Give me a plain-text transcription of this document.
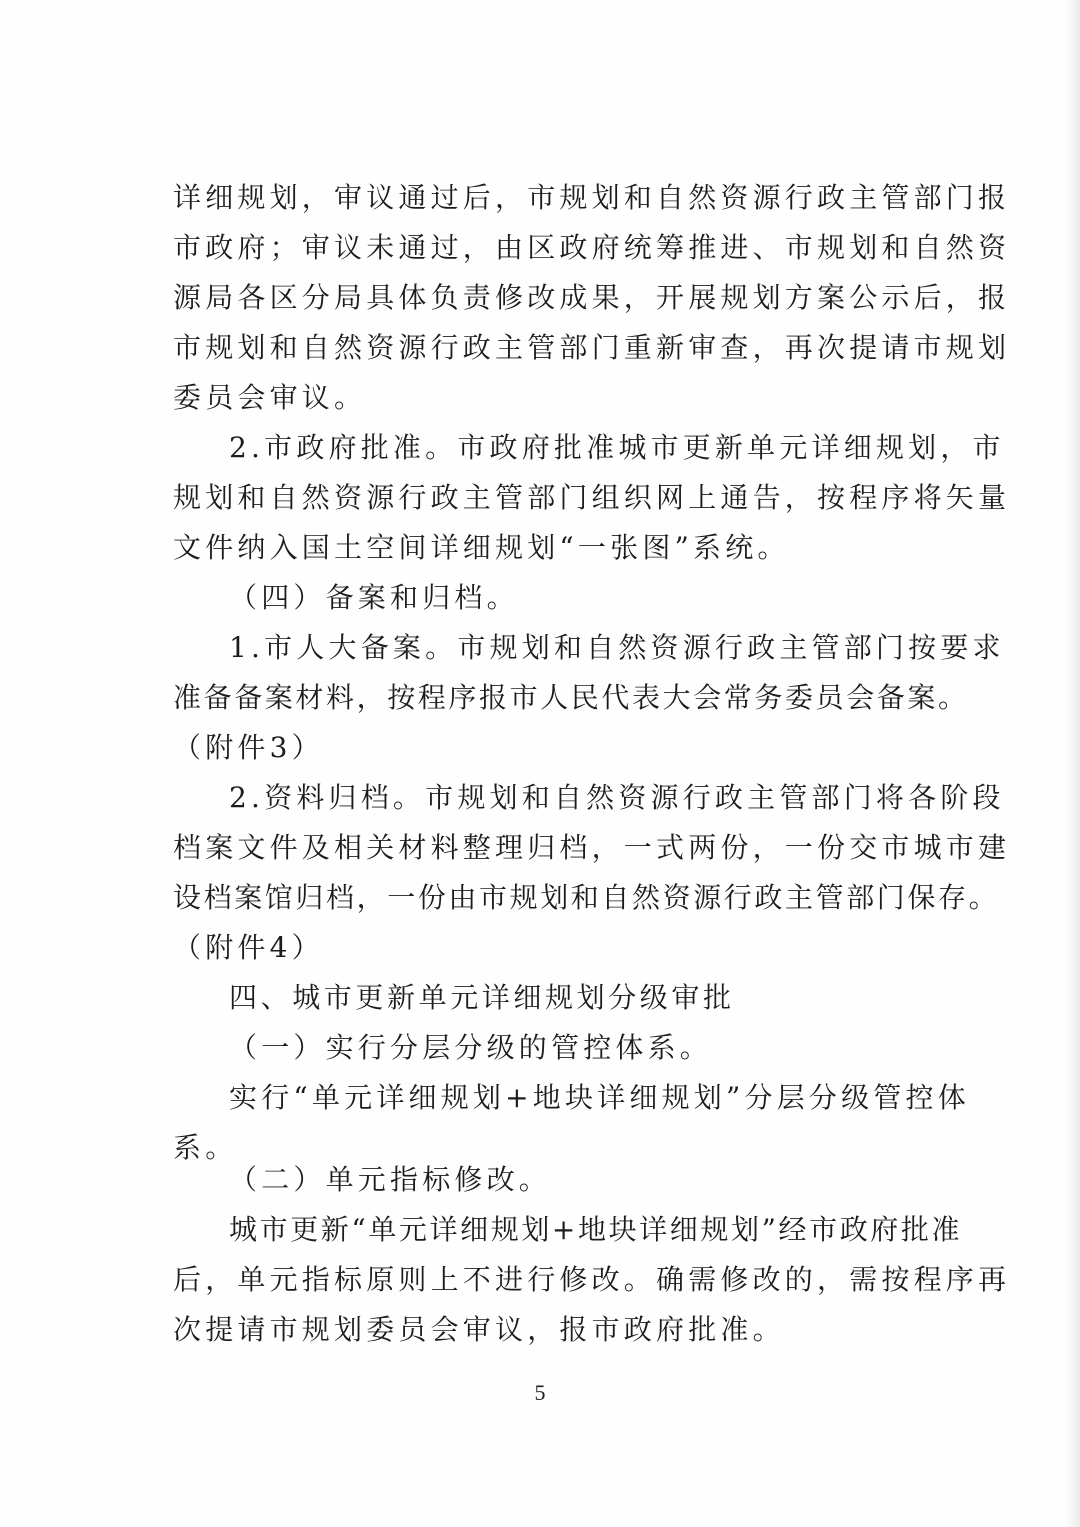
详细规划，审议通过后，市规划和自然资源行政主管部门报
市政府；审议未通过，由区政府统筹推进、市规划和自然资
源局各区分局具体负责修改成果，开展规划方案公示后，报
市规划和自然资源行政主管部门重新审查，再次提请市规划
委员会审议。
2.市政府批准。市政府批准城市更新单元详细规划，市
规划和自然资源行政主管部门组织网上通告，按程序将矢量
文件纳入国土空间详细规划“一张图”系统。
（四）备案和归档。
1.市人大备案。市规划和自然资源行政主管部门按要求
准备备案材料，按程序报市人民代表大会常务委员会备案。
（附件3）
2.资料归档。市规划和自然资源行政主管部门将各阶段
档案文件及相关材料整理归档，一式两份，一份交市城市建
设档案馆归档，一份由市规划和自然资源行政主管部门保存。
（附件4）
四、城市更新单元详细规划分级审批
（一）实行分层分级的管控体系。
实行“单元详细规划+地块详细规划”分层分级管控体
系。
（二）单元指标修改。
城市更新“单元详细规划+地块详细规划”经市政府批准
后，单元指标原则上不进行修改。确需修改的，需按程序再
次提请市规划委员会审议，报市政府批准。
5
